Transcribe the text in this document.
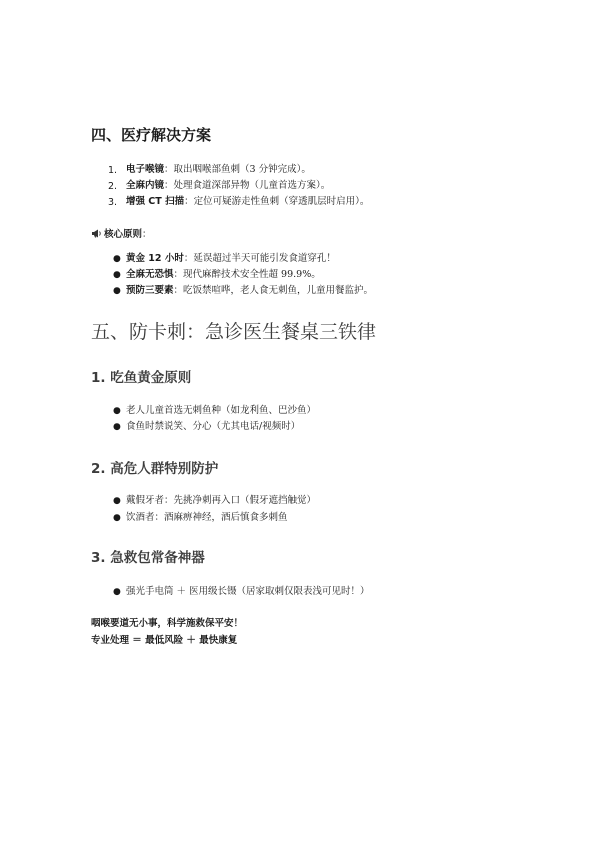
四、医疗解决方案
1. 电子喉镜：取出咽喉部鱼刺（3 分钟完成）。
2. 全麻内镜：处理食道深部异物（儿童首选方案）。
3. 增强 CT 扫描：定位可疑游走性鱼刺（穿透肌层时启用）。
核心原则：
● 黄金 12 小时：延误超过半天可能引发食道穿孔！
● 全麻无恐惧：现代麻醉技术安全性超 99.9%。
● 预防三要素：吃饭禁喧哗，老人食无刺鱼，儿童用餐监护。
五、防卡刺：急诊医生餐桌三铁律
1. 吃鱼黄金原则
● 老人儿童首选无刺鱼种（如龙利鱼、巴沙鱼）
● 食鱼时禁说笑、分心（尤其电话/视频时）
2. 高危人群特别防护
● 戴假牙者：先挑净刺再入口（假牙遮挡触觉）
● 饮酒者：酒麻痹神经，酒后慎食多刺鱼
3. 急救包常备神器
● 强光手电筒 ＋ 医用级长镊（居家取刺仅限表浅可见时！）
咽喉要道无小事，科学施救保平安！
专业处理 ＝ 最低风险 ＋ 最快康复
